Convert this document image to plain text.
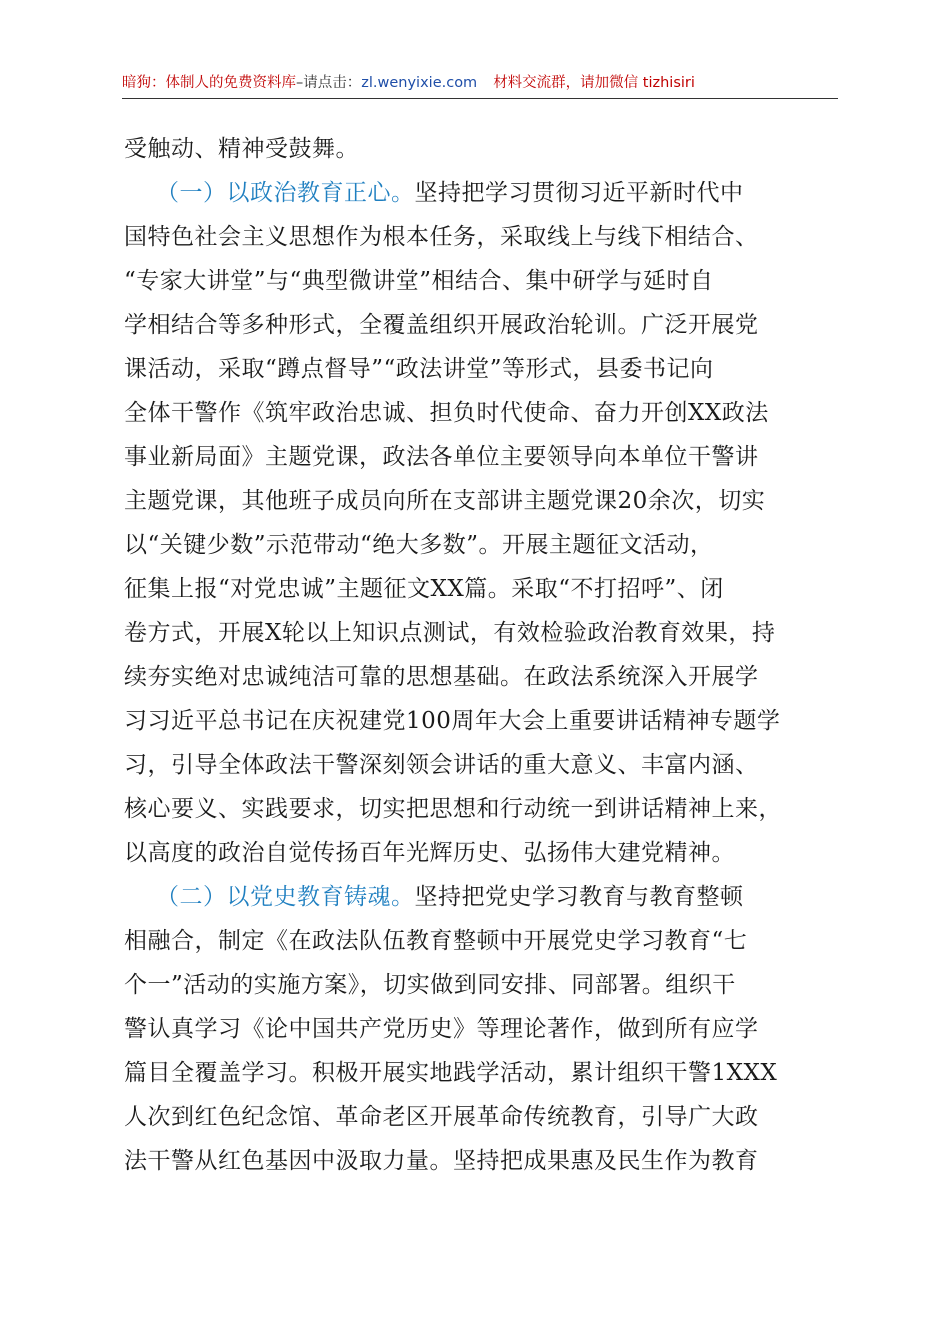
暗狗：体制人的免费资料库–请点击：zl.wenyixie.com 材料交流群，请加微信 tizhisiri
受触动、精神受鼓舞。
（一）以政治教育正心。坚持把学习贯彻习近平新时代中
国特色社会主义思想作为根本任务，采取线上与线下相结合、
“专家大讲堂”与“典型微讲堂”相结合、集中研学与延时自
学相结合等多种形式，全覆盖组织开展政治轮训。广泛开展党
课活动，采取“蹲点督导”“政法讲堂”等形式，县委书记向
全体干警作《筑牢政治忠诚、担负时代使命、奋力开创XX政法
事业新局面》主题党课，政法各单位主要领导向本单位干警讲
主题党课，其他班子成员向所在支部讲主题党课20余次，切实
以“关键少数”示范带动“绝大多数”。开展主题征文活动，
征集上报“对党忠诚”主题征文XX篇。采取“不打招呼”、闭
卷方式，开展X轮以上知识点测试，有效检验政治教育效果，持
续夯实绝对忠诚纯洁可靠的思想基础。在政法系统深入开展学
习习近平总书记在庆祝建党100周年大会上重要讲话精神专题学
习，引导全体政法干警深刻领会讲话的重大意义、丰富内涵、
核心要义、实践要求，切实把思想和行动统一到讲话精神上来，
以高度的政治自觉传扬百年光辉历史、弘扬伟大建党精神。
（二）以党史教育铸魂。坚持把党史学习教育与教育整顿
相融合，制定《在政法队伍教育整顿中开展党史学习教育“七
个一”活动的实施方案》，切实做到同安排、同部署。组织干
警认真学习《论中国共产党历史》等理论著作，做到所有应学
篇目全覆盖学习。积极开展实地践学活动，累计组织干警1XXX
人次到红色纪念馆、革命老区开展革命传统教育，引导广大政
法干警从红色基因中汲取力量。坚持把成果惠及民生作为教育
